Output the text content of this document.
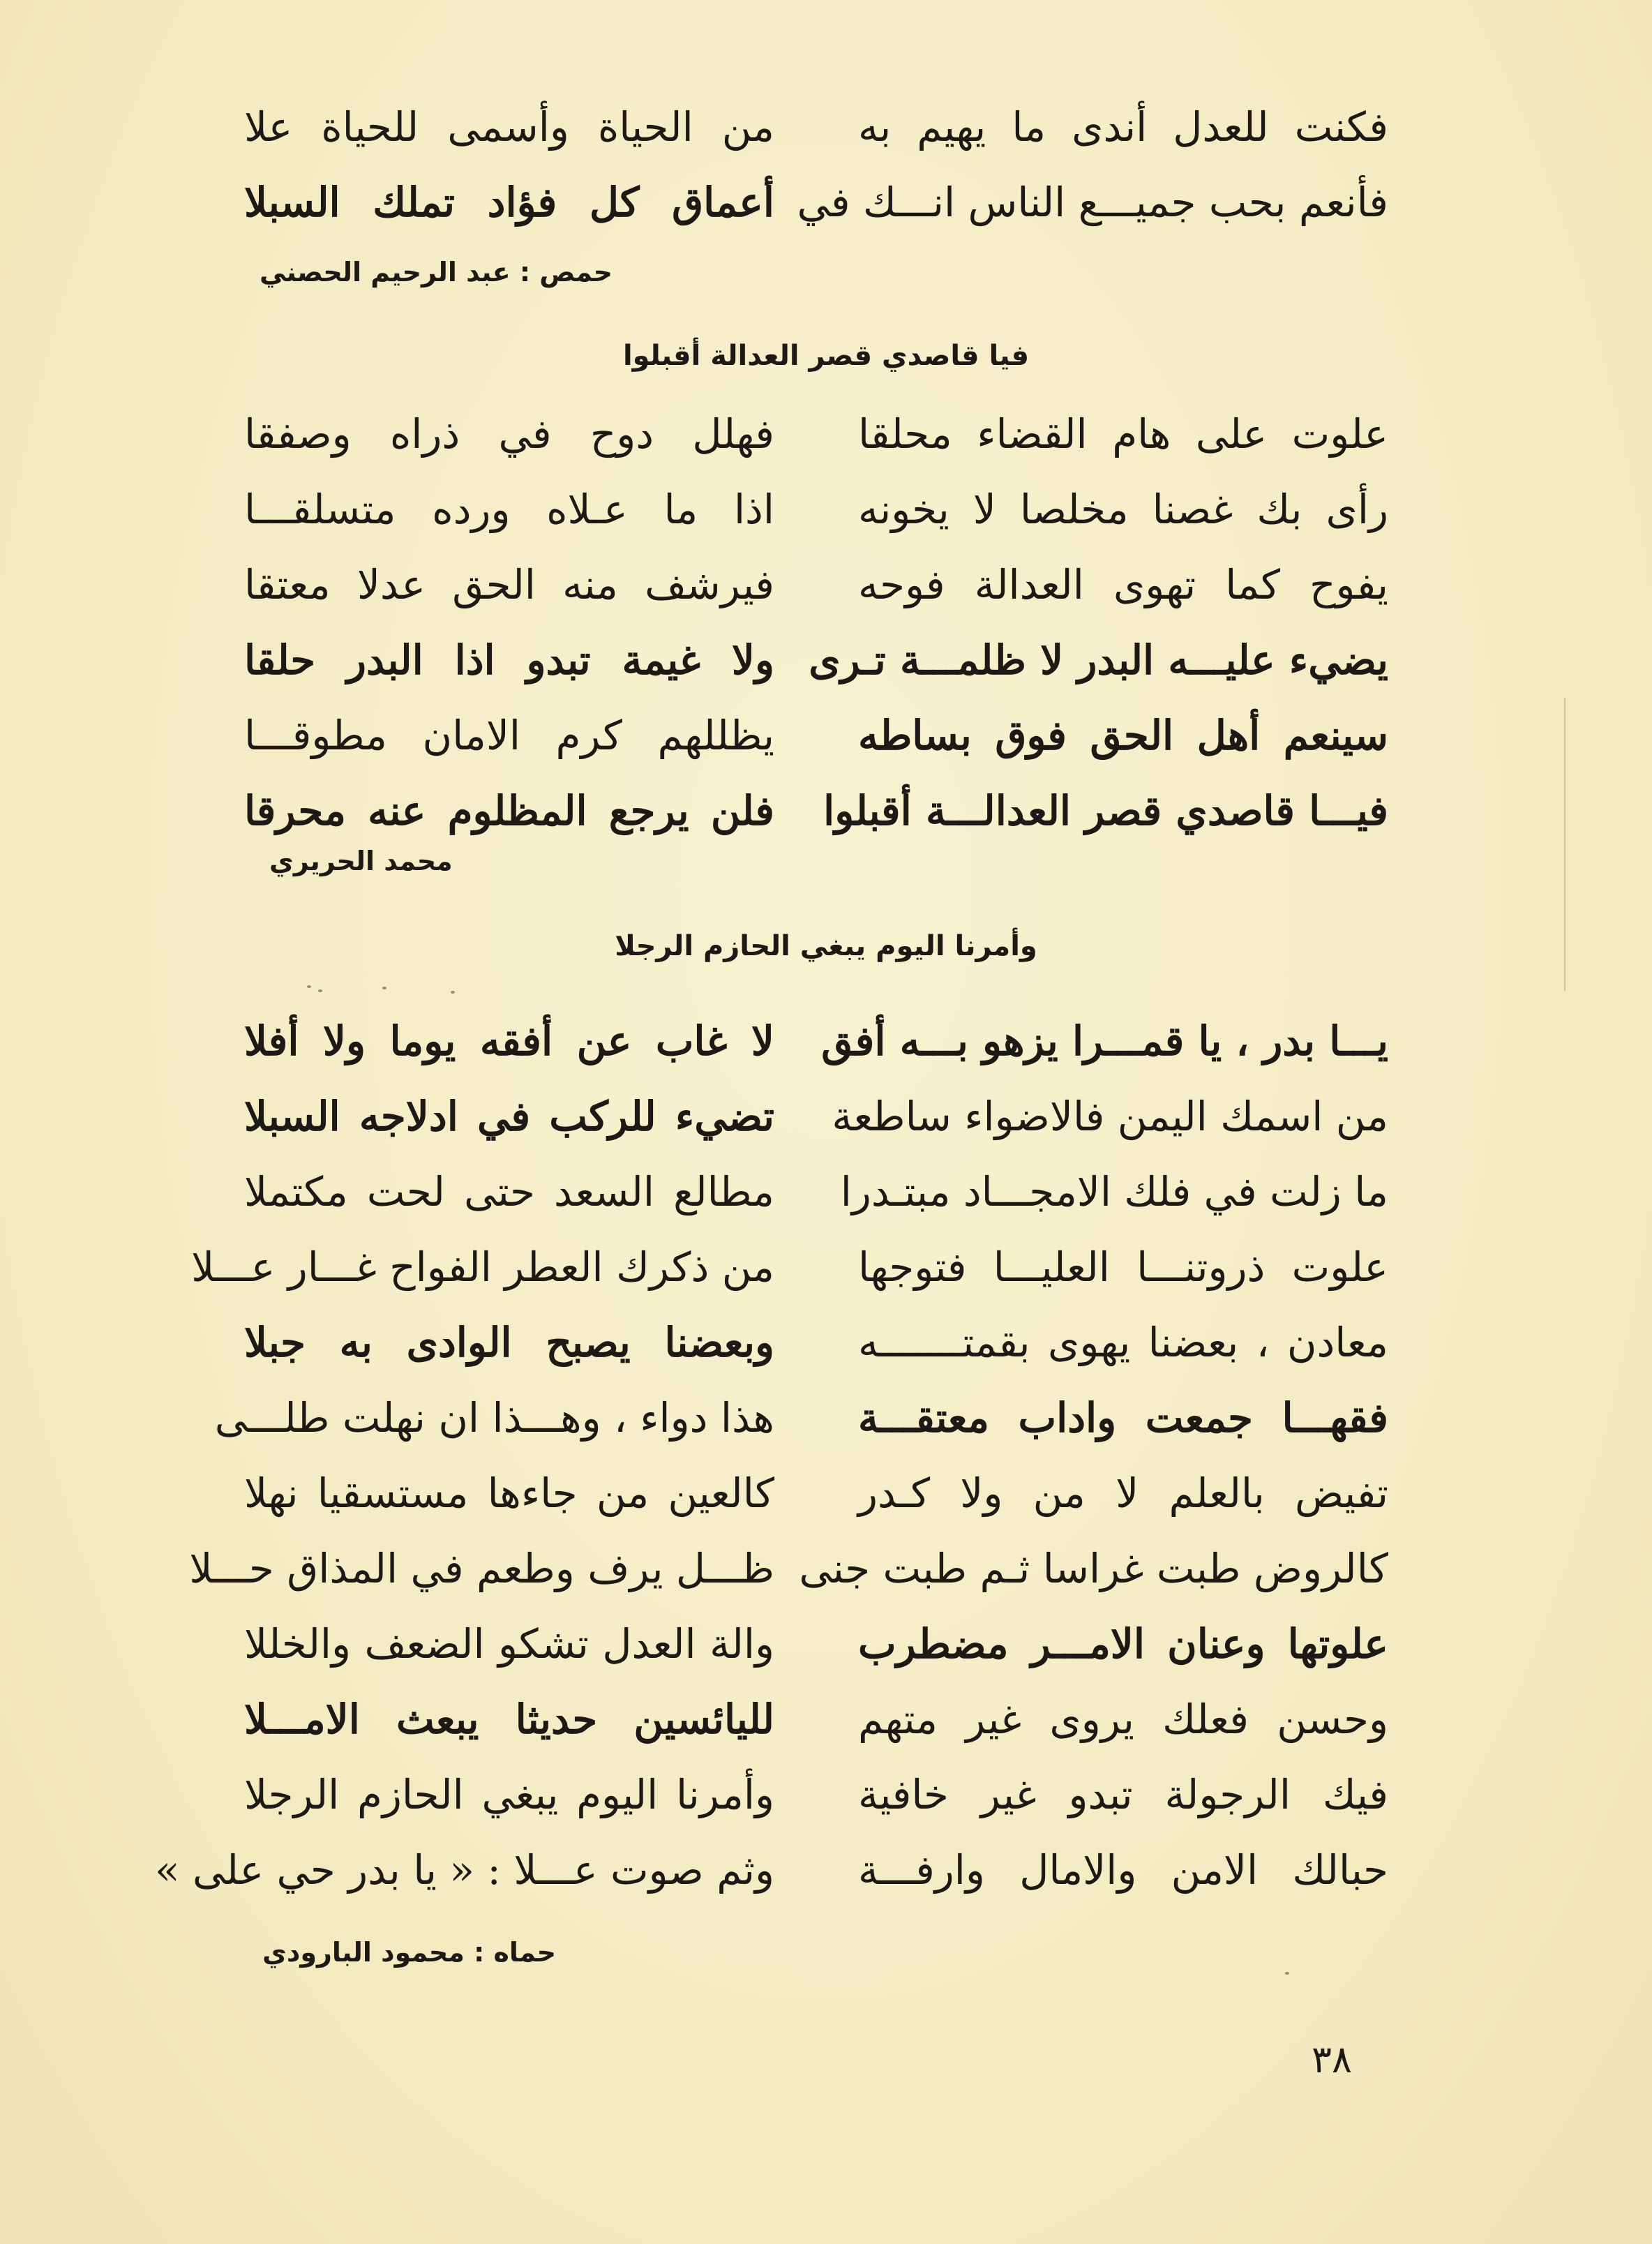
فكنت للعدل أندى ما يهيم به
من الحياة وأسمى للحياة علا
فأنعم بحب جميـــع الناس انـــك في
أعماق كل فؤاد تملك السبلا
حمص : عبد الرحيم الحصني
فيا قاصدي قصر العدالة أقبلوا
علوت على هام القضاء محلقا
فهلل دوح في ذراه وصفقا
رأى بك غصنا مخلصا لا يخونه
اذا ما عـلاه ورده متسلقـــا
يفوح كما تهوى العدالة فوحه
فيرشف منه الحق عدلا معتقا
يضيء عليـــه البدر لا ظلمـــة تـرى
ولا غيمة تبدو اذا البدر حلقا
سينعم أهل الحق فوق بساطه
يظللهم كرم الامان مطوقـــا
فيـــا قاصدي قصر العدالـــة أقبلوا
فلن يرجع المظلوم عنه محرقا
محمد الحريري
وأمرنا اليوم يبغي الحازم الرجلا
يـــا بدر ، يا قمـــرا يزهو بـــه أفق
لا غاب عن أفقه يوما ولا أفلا
من اسمك اليمن فالاضواء ساطعة
تضيء للركب في ادلاجه السبلا
ما زلت في فلك الامجـــاد مبتـدرا
مطالع السعد حتى لحت مكتملا
علوت ذروتنـــا العليـــا فتوجها
من ذكرك العطر الفواح غـــار عـــلا
معادن ، بعضنا يهوى بقمتـــــــه
وبعضنا يصبح الوادى به جبلا
فقهـــا جمعت واداب معتقـــة
هذا دواء ، وهـــذا ان نهلت طلـــى
تفيض بالعلم لا من ولا كـدر
كالعين من جاءها مستسقيا نهلا
كالروض طبت غراسا ثـم طبت جنى
ظـــل يرف وطعم في المذاق حـــلا
علوتها وعنان الامـــر مضطرب
والة العدل تشكو الضعف والخللا
وحسن فعلك يروى غير متهم
لليائسين حديثا يبعث الامـــلا
فيك الرجولة تبدو غير خافية
وأمرنا اليوم يبغي الحازم الرجلا
حبالك الامن والامال وارفـــة
وثم صوت عـــلا : « يا بدر حي على »
حماه : محمود البارودي
٣٨
